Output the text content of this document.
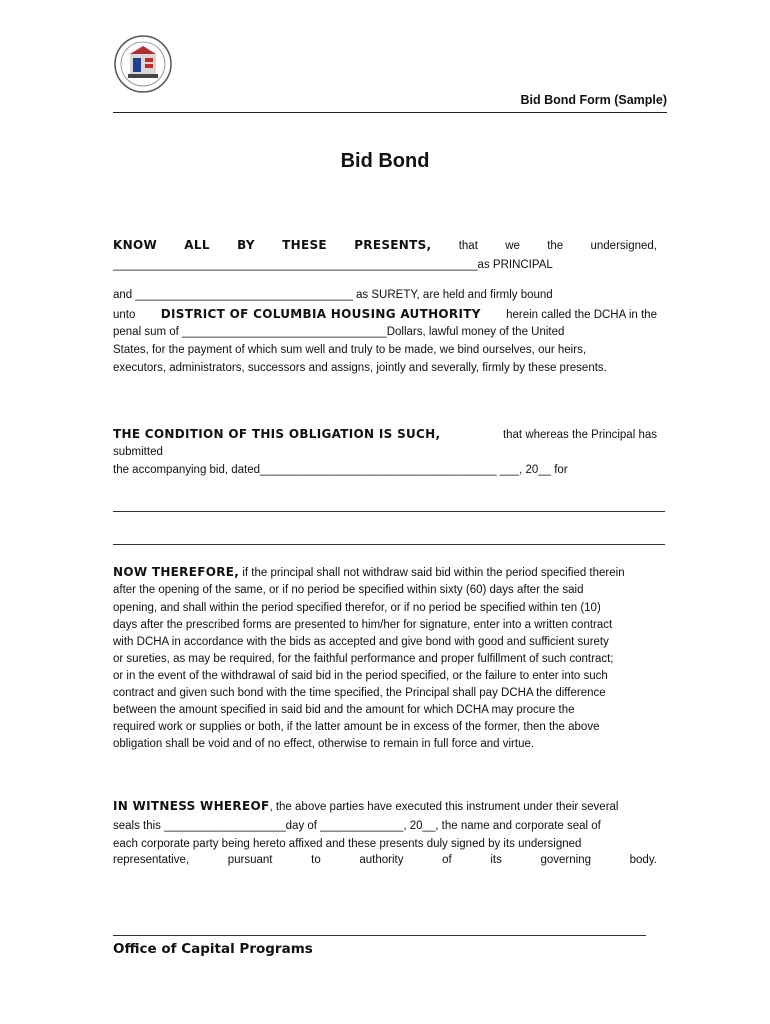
Bid Bond Form (Sample)
Bid Bond
KNOW ALL BY THESE PRESENTS, that we the undersigned,
_________________________________________________________as PRINCIPAL
and __________________________________ as SURETY, are held and firmly bound
unto DISTRICT OF COLUMBIA HOUSING AUTHORITY herein called the DCHA in the
penal sum of ________________________________Dollars, lawful money of the United
States, for the payment of which sum well and truly to be made, we bind ourselves, our heirs,
executors, administrators, successors and assigns, jointly and severally, firmly by these presents.
THE CONDITION OF THIS OBLIGATION IS SUCH,	that whereas the Principal has
submitted
the accompanying bid, dated_____________________________________ ___, 20__ for
NOW THEREFORE, if the principal shall not withdraw said bid within the period specified therein
after the opening of the same, or if no period be specified within sixty (60) days after the said
opening, and shall within the period specified therefor, or if no period be specified within ten (10)
days after the prescribed forms are presented to him/her for signature, enter into a written contract
with DCHA in accordance with the bids as accepted and give bond with good and sufficient surety
or sureties, as may be required, for the faithful performance and proper fulfillment of such contract;
or in the event of the withdrawal of said bid in the period specified, or the failure to enter into such
contract and given such bond with the time specified, the Principal shall pay DCHA the difference
between the amount specified in said bid and the amount for which DCHA may procure the
required work or supplies or both, if the latter amount be in excess of the former, then the above
obligation shall be void and of no effect, otherwise to remain in full force and virtue.
IN WITNESS WHEREOF, the above parties have executed this instrument under their several
seals this ___________________day of _____________, 20__, the name and corporate seal of
each corporate party being hereto affixed and these presents duly signed by its undersigned
representative,	pursuant	to	authority	of	its	governing	body.
Office of Capital Programs
